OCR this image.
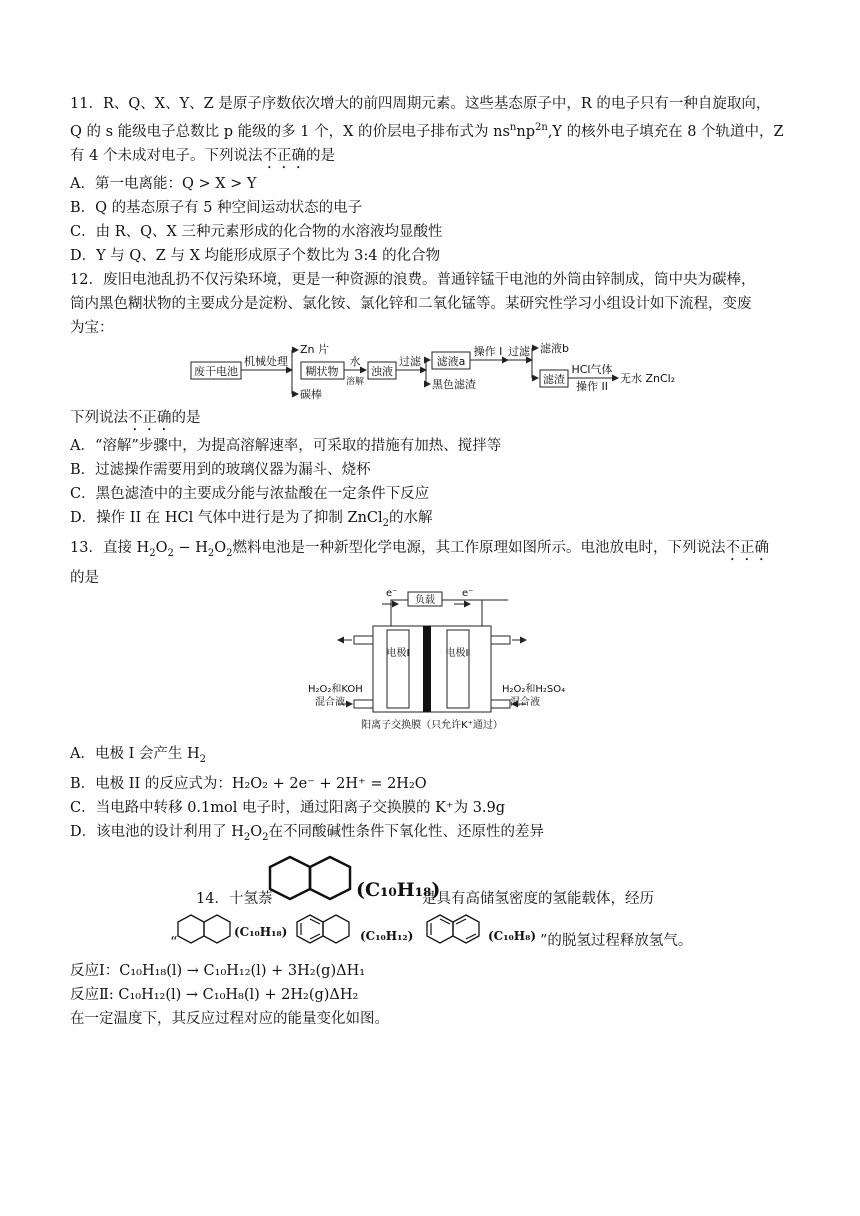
11．R、Q、X、Y、Z 是原子序数依次增大的前四周期元素。这些基态原子中，R 的电子只有一种自旋取向，
Q 的 s 能级电子总数比 p 能级的多 1 个，X 的价层电子排布式为 $ns^nnp^{2n},Y$ 的核外电子填充在 8 个轨道中，Z
有 4 个未成对电子。下列说法不正确的是
A．第一电离能：Q > X > Y
B．Q 的基态原子有 5 种空间运动状态的电子
C．由 R、Q、X 三种元素形成的化合物的水溶液均显酸性
D．Y 与 Q、Z 与 X 均能形成原子个数比为 3:4 的化合物
12．废旧电池乱扔不仅污染环境，更是一种资源的浪费。普通锌锰干电池的外筒由锌制成，筒中央为碳棒，
筒内黑色糊状物的主要成分是淀粉、氯化铵、氯化锌和二氧化锰等。某研究性学习小组设计如下流程，变废
为宝：
废干电池
机械处理
Zn 片
碳棒
糊状物
水
溶解
浊液
过滤 滤液a
黑色滤渣
操作 I 过滤 滤液b
滤渣
HCl气体
操作 II
无水 ZnCl₂
下列说法不正确的是
A．“溶解”步骤中，为提高溶解速率，可采取的措施有加热、搅拌等
B．过滤操作需要用到的玻璃仪器为漏斗、烧杯
C．黑色滤渣中的主要成分能与浓盐酸在一定条件下反应
D．操作 II 在 HCl 气体中进行是为了抑制 ZnCl$_2$的水解
13．直接 $H_2O_2 - H_2O_2$燃料电池是一种新型化学电源，其工作原理如图所示。电池放电时，下列说法不正确
的是
负载
e⁻	e⁻
电极Ⅰ	电极Ⅱ
H₂O₂和KOH
混合液
H₂O₂和H₂SO₄
混合液
阳离子交换膜（只允许K⁺通过）
A．电极 I 会产生 $H_2$
B．电极 II 的反应式为：H₂O₂ + 2e⁻ + 2H⁺ = 2H₂O
C．当电路中转移 0.1mol 电子时，通过阳离子交换膜的 K⁺为 3.9g
D．该电池的设计利用了 $H_2O_2$在不同酸碱性条件下氧化性、还原性的差异
14．十氢萘	(C₁₀H₁₈)
是具有高储氢密度的氢能载体，经历
“
(C₁₀H₁₈)	(C₁₀H₁₂)	(C₁₀H₈) ”的脱氢过程释放氢气。
反应Ⅰ：C₁₀H₁₈(l) → C₁₀H₁₂(l) + 3H₂(g)ΔH₁
反应Ⅱ: C₁₀H₁₂(l) → C₁₀H₈(l) + 2H₂(g)ΔH₂
在一定温度下，其反应过程对应的能量变化如图。
